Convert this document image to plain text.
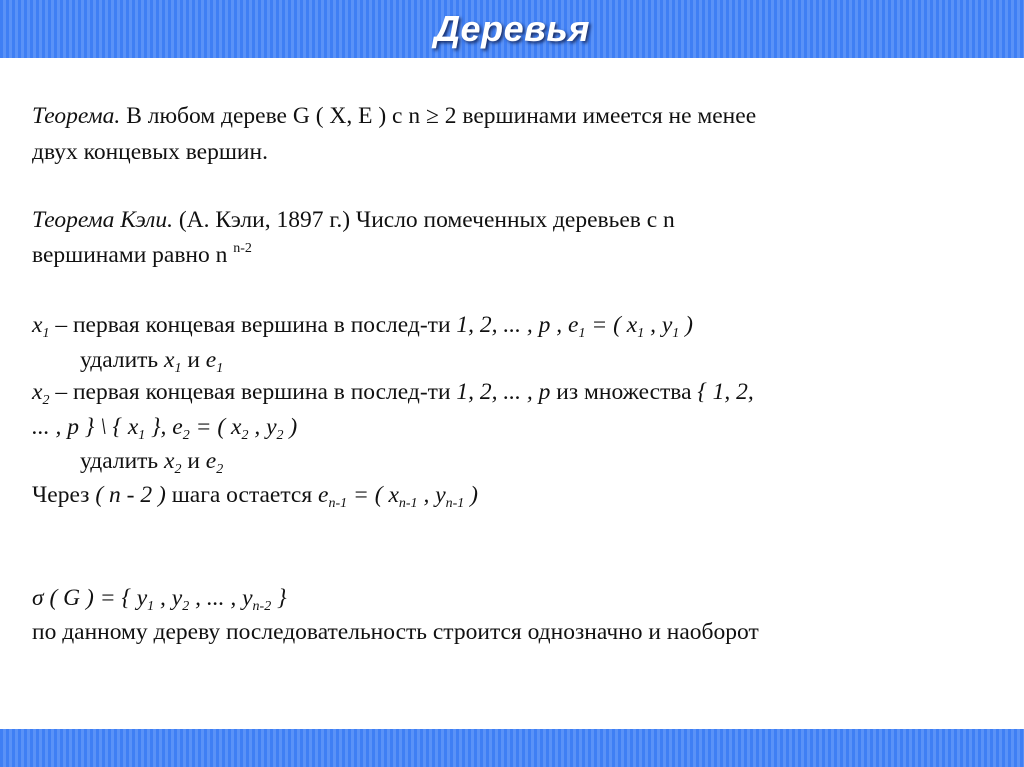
Деревья
Теорема. В любом дереве G ( X, E ) с n ≥ 2 вершинами имеется не менее
двух концевых вершин.
Теорема Кэли. (А. Кэли, 1897 г.) Число помеченных деревьев с n
вершинами равно n $^{n-2}$
$x_1$ – первая концевая вершина в послед-ти 1, 2, ... , p , $e_1$ = ( $x_1$ , $y_1$ )
удалить $x_1$ и $e_1$
$x_2$ – первая концевая вершина в послед-ти 1, 2, ... , p из множества { 1, 2,
... , p } \ { $x_1$ }, $e_2$ = ( $x_2$ , $y_2$ )
удалить $x_2$ и $e_2$
Через ( n - 2 ) шага остается $e_{n-1}$ = ( $x_{n-1}$ , $y_{n-1}$ )
σ ( G ) = { $y_1$ , $y_2$ , ... , $y_{n-2}$ }
по данному дереву последовательность строится однозначно и наоборот
